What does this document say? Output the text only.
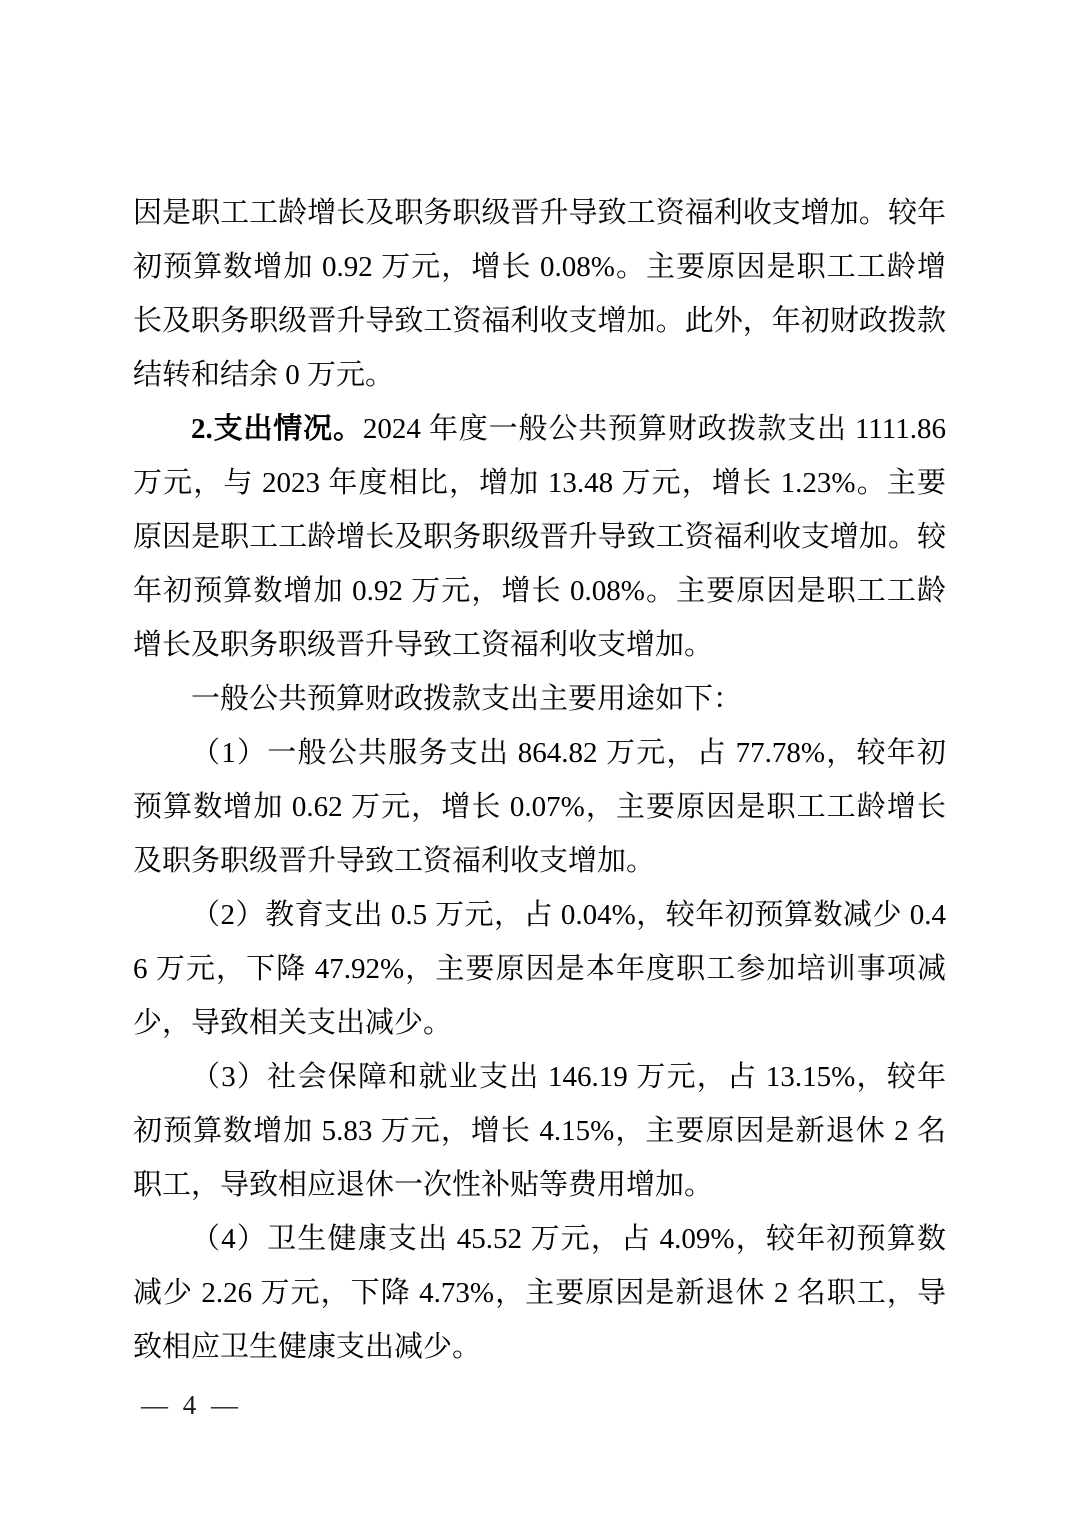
因是职工工龄增长及职务职级晋升导致工资福利收支增加。较年初预算数增加 0.92 万元，增长 0.08%。主要原因是职工工龄增长及职务职级晋升导致工资福利收支增加。此外，年初财政拨款结转和结余 0 万元。

2.支出情况。2024 年度一般公共预算财政拨款支出 1111.86 万元，与 2023 年度相比，增加 13.48 万元，增长 1.23%。主要原因是职工工龄增长及职务职级晋升导致工资福利收支增加。较年初预算数增加 0.92 万元，增长 0.08%。主要原因是职工工龄增长及职务职级晋升导致工资福利收支增加。

一般公共预算财政拨款支出主要用途如下：

（1）一般公共服务支出 864.82 万元，占 77.78%，较年初预算数增加 0.62 万元，增长 0.07%，主要原因是职工工龄增长及职务职级晋升导致工资福利收支增加。

（2）教育支出 0.5 万元，占 0.04%，较年初预算数减少 0.46 万元，下降 47.92%，主要原因是本年度职工参加培训事项减少，导致相关支出减少。

（3）社会保障和就业支出 146.19 万元，占 13.15%，较年初预算数增加 5.83 万元，增长 4.15%，主要原因是新退休 2 名职工，导致相应退休一次性补贴等费用增加。

（4）卫生健康支出 45.52 万元，占 4.09%，较年初预算数减少 2.26 万元，下降 4.73%，主要原因是新退休 2 名职工，导致相应卫生健康支出减少。

— 4 —
